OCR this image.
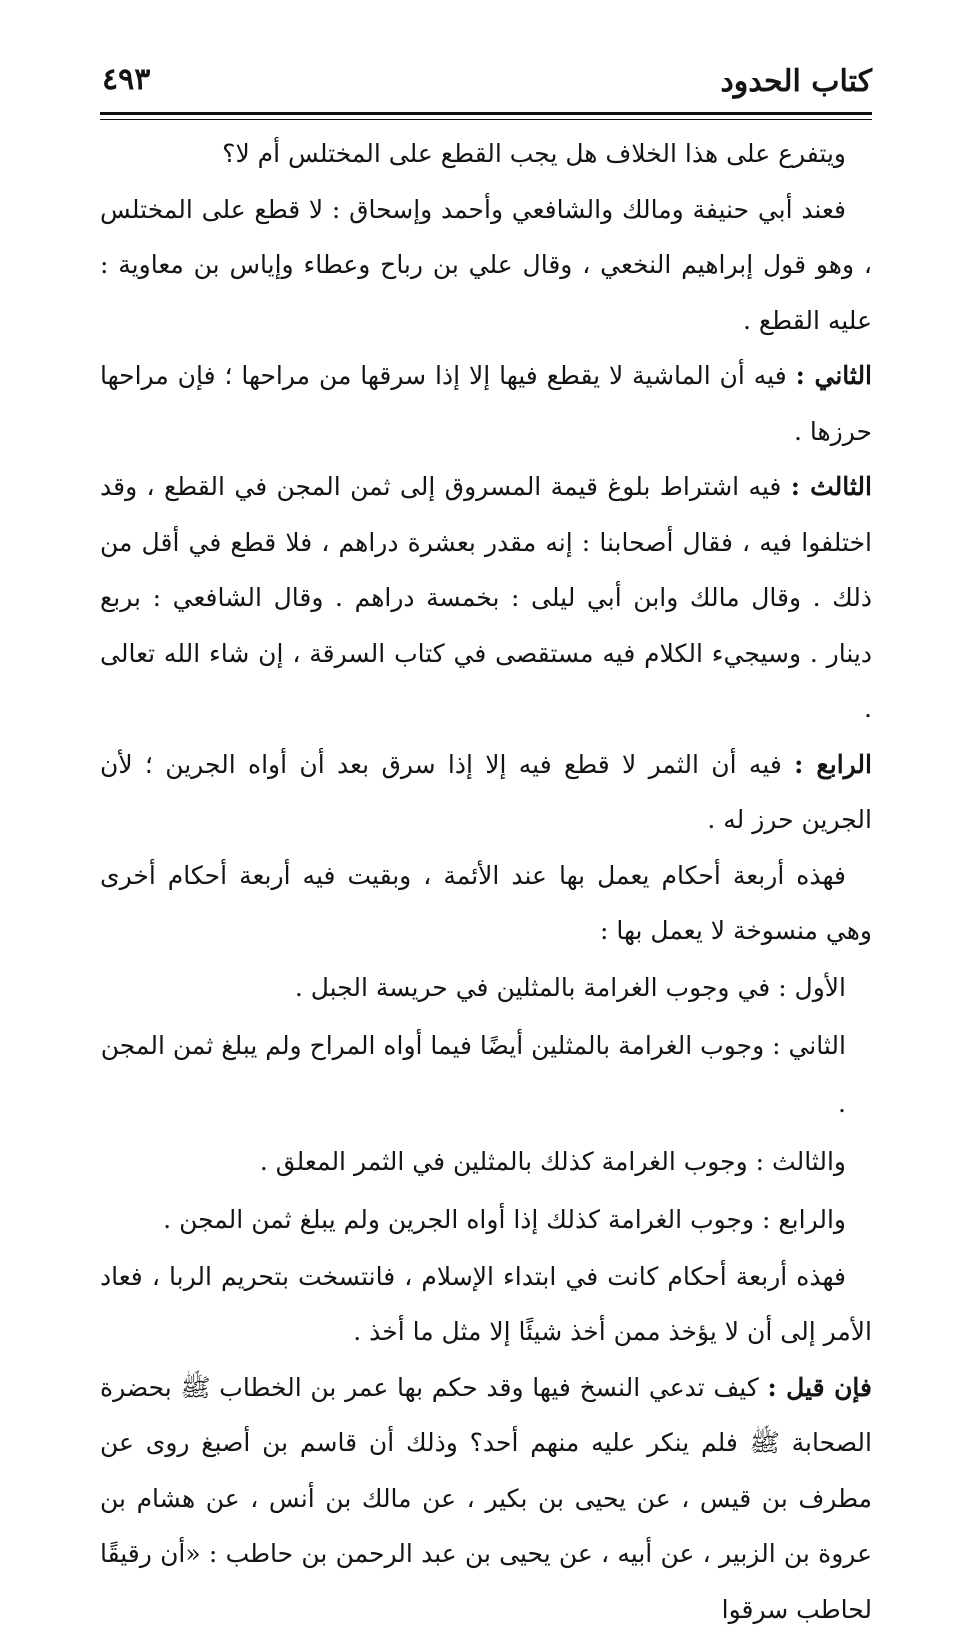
كتاب الحدود
٤٩٣

ويتفرع على هذا الخلاف هل يجب القطع على المختلس أم لا؟

فعند أبي حنيفة ومالك والشافعي وأحمد وإسحاق : لا قطع على المختلس ، وهو قول إبراهيم النخعي ، وقال علي بن رباح وعطاء وإياس بن معاوية : عليه القطع .

الثاني : فيه أن الماشية لا يقطع فيها إلا إذا سرقها من مراحها ؛ فإن مراحها حرزها .

الثالث : فيه اشتراط بلوغ قيمة المسروق إلى ثمن المجن في القطع ، وقد اختلفوا فيه ، فقال أصحابنا : إنه مقدر بعشرة دراهم ، فلا قطع في أقل من ذلك . وقال مالك وابن أبي ليلى : بخمسة دراهم . وقال الشافعي : بربع دينار . وسيجيء الكلام فيه مستقصى في كتاب السرقة ، إن شاء الله تعالى .

الرابع : فيه أن الثمر لا قطع فيه إلا إذا سرق بعد أن أواه الجرين ؛ لأن الجرين حرز له .

فهذه أربعة أحكام يعمل بها عند الأئمة ، وبقيت فيه أربعة أحكام أخرى وهي منسوخة لا يعمل بها :

الأول : في وجوب الغرامة بالمثلين في حريسة الجبل .

الثاني : وجوب الغرامة بالمثلين أيضًا فيما أواه المراح ولم يبلغ ثمن المجن .

والثالث : وجوب الغرامة كذلك بالمثلين في الثمر المعلق .

والرابع : وجوب الغرامة كذلك إذا أواه الجرين ولم يبلغ ثمن المجن .

فهذه أربعة أحكام كانت في ابتداء الإسلام ، فانتسخت بتحريم الربا ، فعاد الأمر إلى أن لا يؤخذ ممن أخذ شيئًا إلا مثل ما أخذ .

فإن قيل : كيف تدعي النسخ فيها وقد حكم بها عمر بن الخطاب ﷺ بحضرة الصحابة ﷺ فلم ينكر عليه منهم أحد؟ وذلك أن قاسم بن أصبغ روى عن مطرف بن قيس ، عن يحيى بن بكير ، عن مالك بن أنس ، عن هشام بن عروة بن الزبير ، عن أبيه ، عن يحيى بن عبد الرحمن بن حاطب : «أن رقيقًا لحاطب سرقوا
